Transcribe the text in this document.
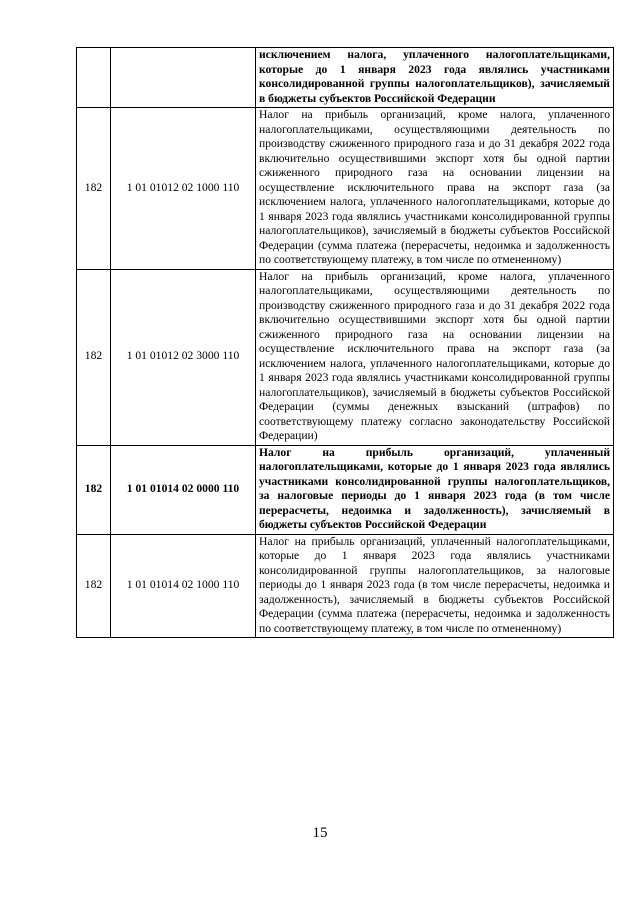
		исключением налога, уплаченного налогоплательщиками, которые до 1 января 2023 года являлись участниками консолидированной группы налогоплательщиков), зачисляемый в бюджеты субъектов Российской Федерации
182	1 01 01012 02 1000 110	Налог на прибыль организаций, кроме налога, уплаченного налогоплательщиками, осуществляющими деятельность по производству сжиженного природного газа и до 31 декабря 2022 года включительно осуществившими экспорт хотя бы одной партии сжиженного природного газа на основании лицензии на осуществление исключительного права на экспорт газа (за исключением налога, уплаченного налогоплательщиками, которые до 1 января 2023 года являлись участниками консолидированной группы налогоплательщиков), зачисляемый в бюджеты субъектов Российской Федерации (сумма платежа (перерасчеты, недоимка и задолженность по соответствующему платежу, в том числе по отмененному)
182	1 01 01012 02 3000 110	Налог на прибыль организаций, кроме налога, уплаченного налогоплательщиками, осуществляющими деятельность по производству сжиженного природного газа и до 31 декабря 2022 года включительно осуществившими экспорт хотя бы одной партии сжиженного природного газа на основании лицензии на осуществление исключительного права на экспорт газа (за исключением налога, уплаченного налогоплательщиками, которые до 1 января 2023 года являлись участниками консолидированной группы налогоплательщиков), зачисляемый в бюджеты субъектов Российской Федерации (суммы денежных взысканий (штрафов) по соответствующему платежу согласно законодательству Российской Федерации)
182	1 01 01014 02 0000 110	Налог на прибыль организаций, уплаченный налогоплательщиками, которые до 1 января 2023 года являлись участниками консолидированной группы налогоплательщиков, за налоговые периоды до 1 января 2023 года (в том числе перерасчеты, недоимка и задолженность), зачисляемый в бюджеты субъектов Российской Федерации
182	1 01 01014 02 1000 110	Налог на прибыль организаций, уплаченный налогоплательщиками, которые до 1 января 2023 года являлись участниками консолидированной группы налогоплательщиков, за налоговые периоды до 1 января 2023 года (в том числе перерасчеты, недоимка и задолженность), зачисляемый в бюджеты субъектов Российской Федерации (сумма платежа (перерасчеты, недоимка и задолженность по соответствующему платежу, в том числе по отмененному)
15
